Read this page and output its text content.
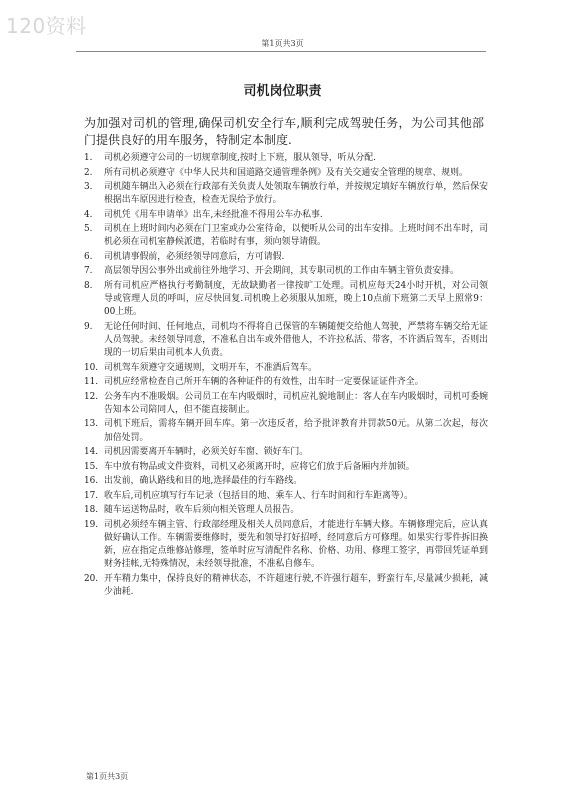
120资料
第1页共3页
司机岗位职责
为加强对司机的管理,确保司机安全行车,顺利完成驾驶任务，为公司其他部门提供良好的用车服务，特制定本制度.
1. 司机必须遵守公司的一切规章制度,按时上下班，服从领导，听从分配.
2. 所有司机必须遵守《中华人民共和国道路交通管理条例》及有关交通安全管理的规章、规则。
3. 司机随车辆出入必须在行政部有关负责人处领取车辆放行单，并按规定填好车辆放行单，然后保安根据出车原因进行检查，检查无误给予放行。
4. 司机凭《用车申请单》出车,未经批准不得用公车办私事.
5. 司机在上班时间内必须在门卫室或办公室待命，以便听从公司的出车安排。上班时间不出车时，司机必须在司机室静候派遣，若临时有事，须向领导请假。
6. 司机请事假前，必须经领导同意后，方可请假.
7. 高层领导因公事外出或前往外地学习、开会期间，其专职司机的工作由车辆主管负责安排。
8. 所有司机应严格执行考勤制度，无故缺勤者一律按旷工处理。司机应每天24小时开机，对公司领导或管理人员的呼叫，应尽快回复.司机晚上必须服从加班，晚上10点前下班第二天早上照常9：00上班。
9. 无论任何时间、任何地点，司机均不得将自己保管的车辆随便交给他人驾驶，严禁将车辆交给无证人员驾驶。未经领导同意，不准私自出车或外借他人，不许拉私活、带客，不许酒后驾车，否则出现的一切后果由司机本人负责。
10. 司机驾车须遵守交通规则，文明开车，不准酒后驾车。
11. 司机应经常检查自己所开车辆的各种证件的有效性，出车时一定要保证证件齐全。
12. 公务车内不准吸烟。公司员工在车内吸烟时，司机应礼貌地制止：客人在车内吸烟时，司机可委婉告知本公司陪同人，但不能直接制止。
13. 司机下班后，需将车辆开回车库。第一次违反者，给予批评教育并罚款50元。从第二次起，每次加倍处罚。
14. 司机因需要离开车辆时，必须关好车窗、锁好车门。
15. 车中放有物品或文件资料，司机又必须离开时，应将它们放于后备厢内并加锁。
16. 出发前，确认路线和目的地,选择最佳的行车路线。
17. 收车后,司机应填写行车记录（包括目的地、乘车人、行车时间和行车距离等）。
18. 随车运送物品时，收车后须向相关管理人员报告。
19. 司机必须经车辆主管、行政部经理及相关人员同意后，才能进行车辆大修。车辆修理完后，应认真做好确认工作。车辆需要维修时，要先和领导打好招呼，经同意后方可修理。如果实行零件拆旧换新，应在指定点维修站修理，签单时应写清配件名称、价格、功用、修理工签字，再带回凭证单到财务挂帐,无特殊情况，未经领导批准，不准私自修车。
20. 开车精力集中，保持良好的精神状态，不许超速行驶,不许强行超车，野蛮行车,尽量减少损耗，减少油耗.
第1页共3页
